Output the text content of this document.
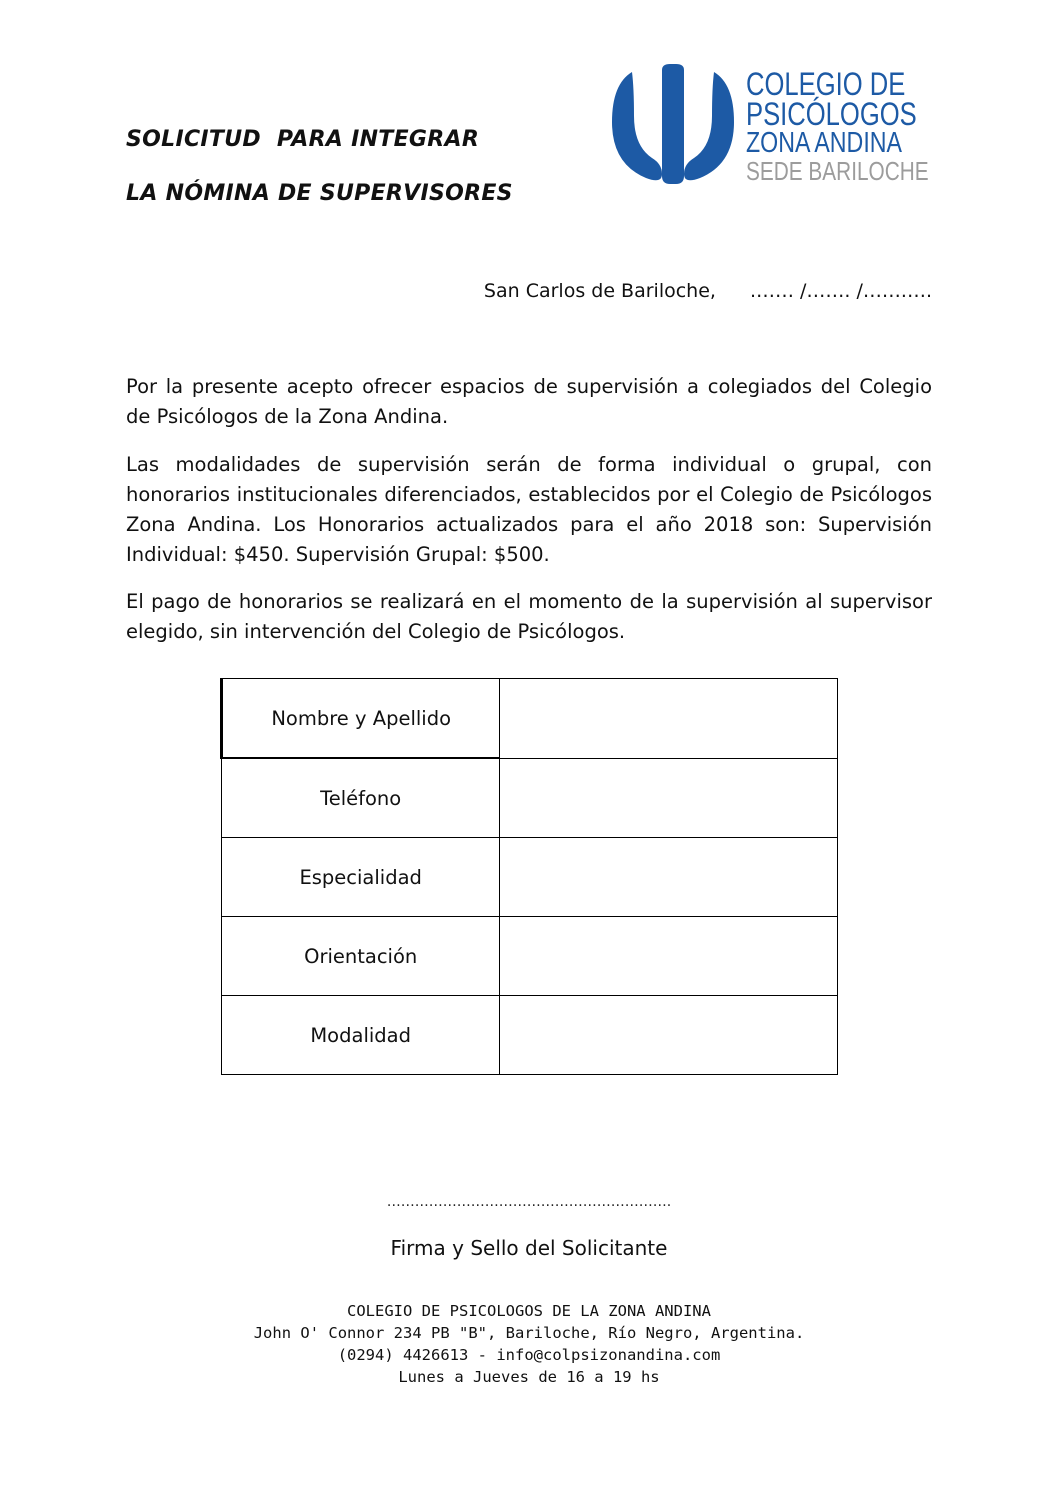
SOLICITUD  PARA INTEGRAR
LA NÓMINA DE SUPERVISORES
COLEGIO DE
PSICÓLOGOS
ZONA ANDINA
SEDE BARILOCHE
San Carlos de Bariloche, .…… /……. /…….….

Por la presente acepto ofrecer espacios de supervisión a colegiados del Colegio de Psicólogos de la Zona Andina.

Las modalidades de supervisión serán de forma individual o grupal, con honorarios institucionales diferenciados, establecidos por el Colegio de Psicólogos Zona Andina. Los Honorarios actualizados para el año 2018 son: Supervisión Individual: $450. Supervisión Grupal: $500.

El pago de honorarios se realizará en el momento de la supervisión al supervisor elegido, sin intervención del Colegio de Psicólogos.

Nombre y Apellido	
Teléfono	
Especialidad	
Orientación	
Modalidad	
…………………………………………………….
Firma y Sello del Solicitante
COLEGIO DE PSICOLOGOS DE LA ZONA ANDINA
John O' Connor 234 PB "B", Bariloche, Río Negro, Argentina.
(0294) 4426613 - info@colpsizonandina.com
Lunes a Jueves de 16 a 19 hs
